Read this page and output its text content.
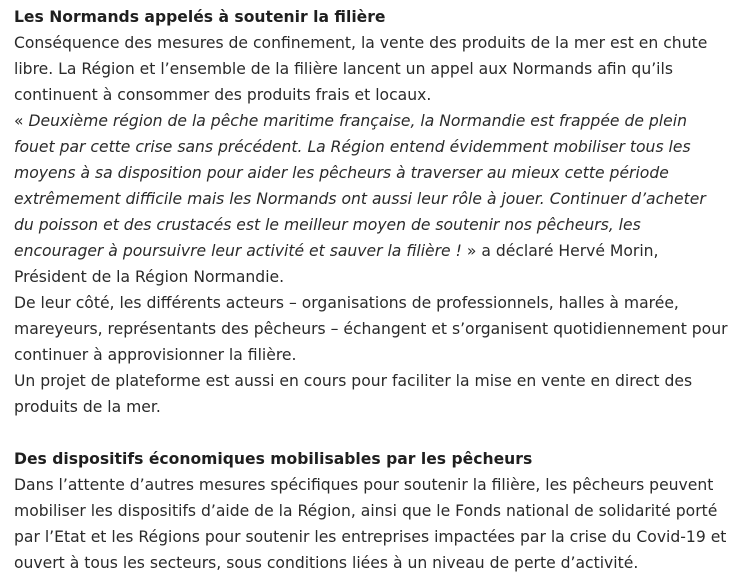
Les Normands appelés à soutenir la filière

Conséquence des mesures de confinement, la vente des produits de la mer est en chute libre. La Région et l’ensemble de la filière lancent un appel aux Normands afin qu’ils continuent à consommer des produits frais et locaux.

« Deuxième région de la pêche maritime française, la Normandie est frappée de plein fouet par cette crise sans précédent. La Région entend évidemment mobiliser tous les moyens à sa disposition pour aider les pêcheurs à traverser au mieux cette période extrêmement difficile mais les Normands ont aussi leur rôle à jouer. Continuer d’acheter du poisson et des crustacés est le meilleur moyen de soutenir nos pêcheurs, les encourager à poursuivre leur activité et sauver la filière ! » a déclaré Hervé Morin, Président de la Région Normandie.

De leur côté, les différents acteurs – organisations de professionnels, halles à marée, mareyeurs, représentants des pêcheurs – échangent et s’organisent quotidiennement pour continuer à approvisionner la filière.

Un projet de plateforme est aussi en cours pour faciliter la mise en vente en direct des produits de la mer.

Des dispositifs économiques mobilisables par les pêcheurs

Dans l’attente d’autres mesures spécifiques pour soutenir la filière, les pêcheurs peuvent mobiliser les dispositifs d’aide de la Région, ainsi que le Fonds national de solidarité porté par l’Etat et les Régions pour soutenir les entreprises impactées par la crise du Covid-19 et ouvert à tous les secteurs, sous conditions liées à un niveau de perte d’activité.
